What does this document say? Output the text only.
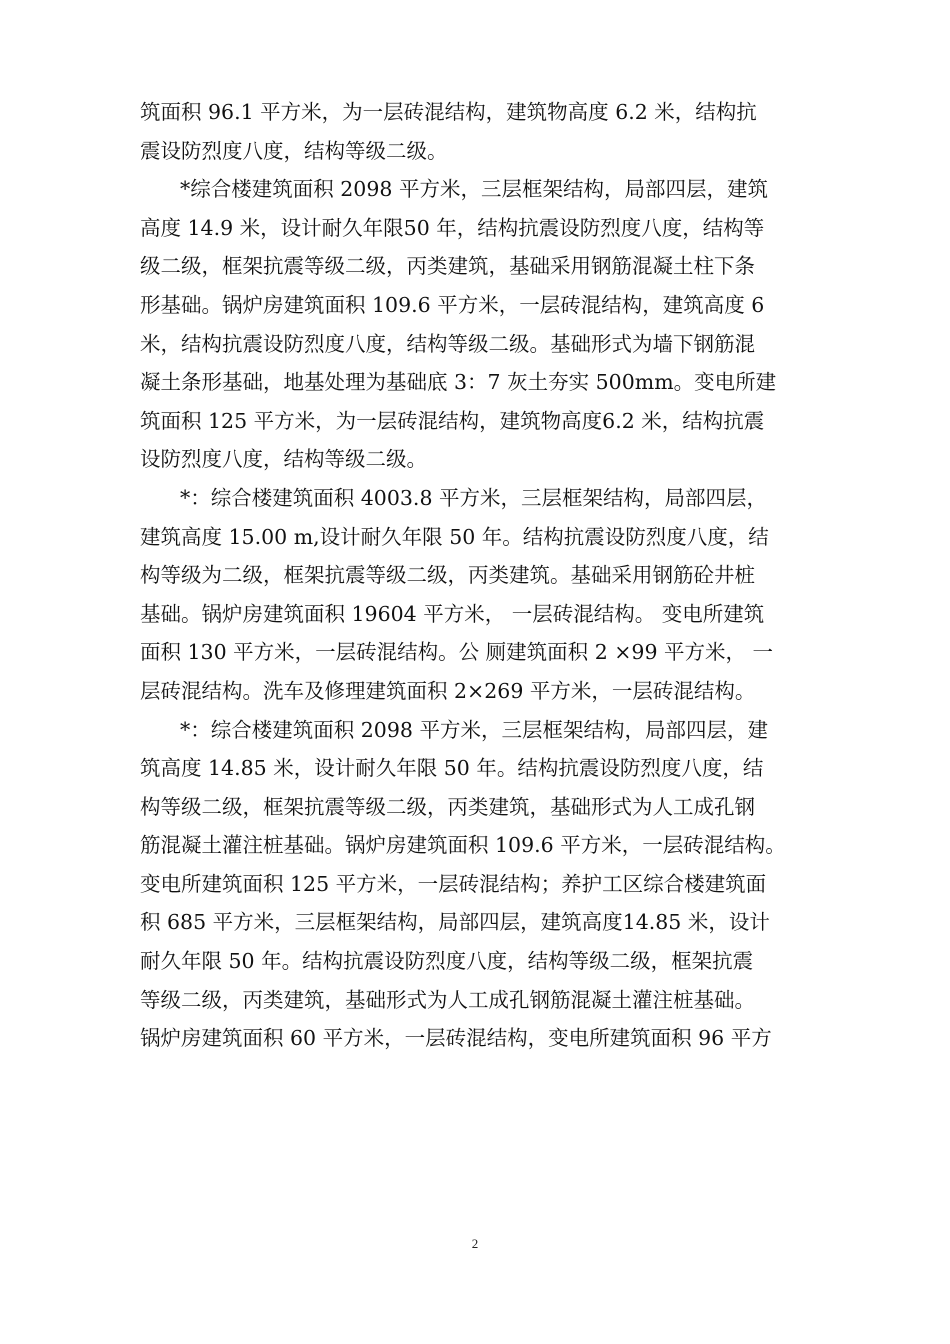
筑面积 96.1 平方米，为一层砖混结构，建筑物高度 6.2 米，结构抗
震设防烈度八度，结构等级二级。
*综合楼建筑面积 2098 平方米，三层框架结构，局部四层，建筑
高度 14.9 米，设计耐久年限50 年，结构抗震设防烈度八度，结构等
级二级，框架抗震等级二级，丙类建筑，基础采用钢筋混凝土柱下条
形基础。锅炉房建筑面积 109.6 平方米，一层砖混结构，建筑高度 6
米，结构抗震设防烈度八度，结构等级二级。基础形式为墙下钢筋混
凝土条形基础，地基处理为基础底 3：7 灰土夯实 500mm。变电所建
筑面积 125 平方米，为一层砖混结构，建筑物高度6.2 米，结构抗震
设防烈度八度，结构等级二级。
*：综合楼建筑面积 4003.8 平方米，三层框架结构，局部四层，
建筑高度 15.00 m,设计耐久年限 50 年。结构抗震设防烈度八度，结
构等级为二级，框架抗震等级二级，丙类建筑。基础采用钢筋砼井桩
基础。锅炉房建筑面积 19604 平方米， 一层砖混结构。 变电所建筑
面积 130 平方米，一层砖混结构。公 厕建筑面积 2 ×99 平方米， 一
层砖混结构。洗车及修理建筑面积 2×269 平方米，一层砖混结构。
*：综合楼建筑面积 2098 平方米，三层框架结构，局部四层，建
筑高度 14.85 米，设计耐久年限 50 年。结构抗震设防烈度八度，结
构等级二级，框架抗震等级二级，丙类建筑，基础形式为人工成孔钢
筋混凝土灌注桩基础。锅炉房建筑面积 109.6 平方米，一层砖混结构。
变电所建筑面积 125 平方米，一层砖混结构；养护工区综合楼建筑面
积 685 平方米，三层框架结构，局部四层，建筑高度14.85 米，设计
耐久年限 50 年。结构抗震设防烈度八度，结构等级二级，框架抗震
等级二级，丙类建筑，基础形式为人工成孔钢筋混凝土灌注桩基础。
锅炉房建筑面积 60 平方米，一层砖混结构，变电所建筑面积 96 平方
2
